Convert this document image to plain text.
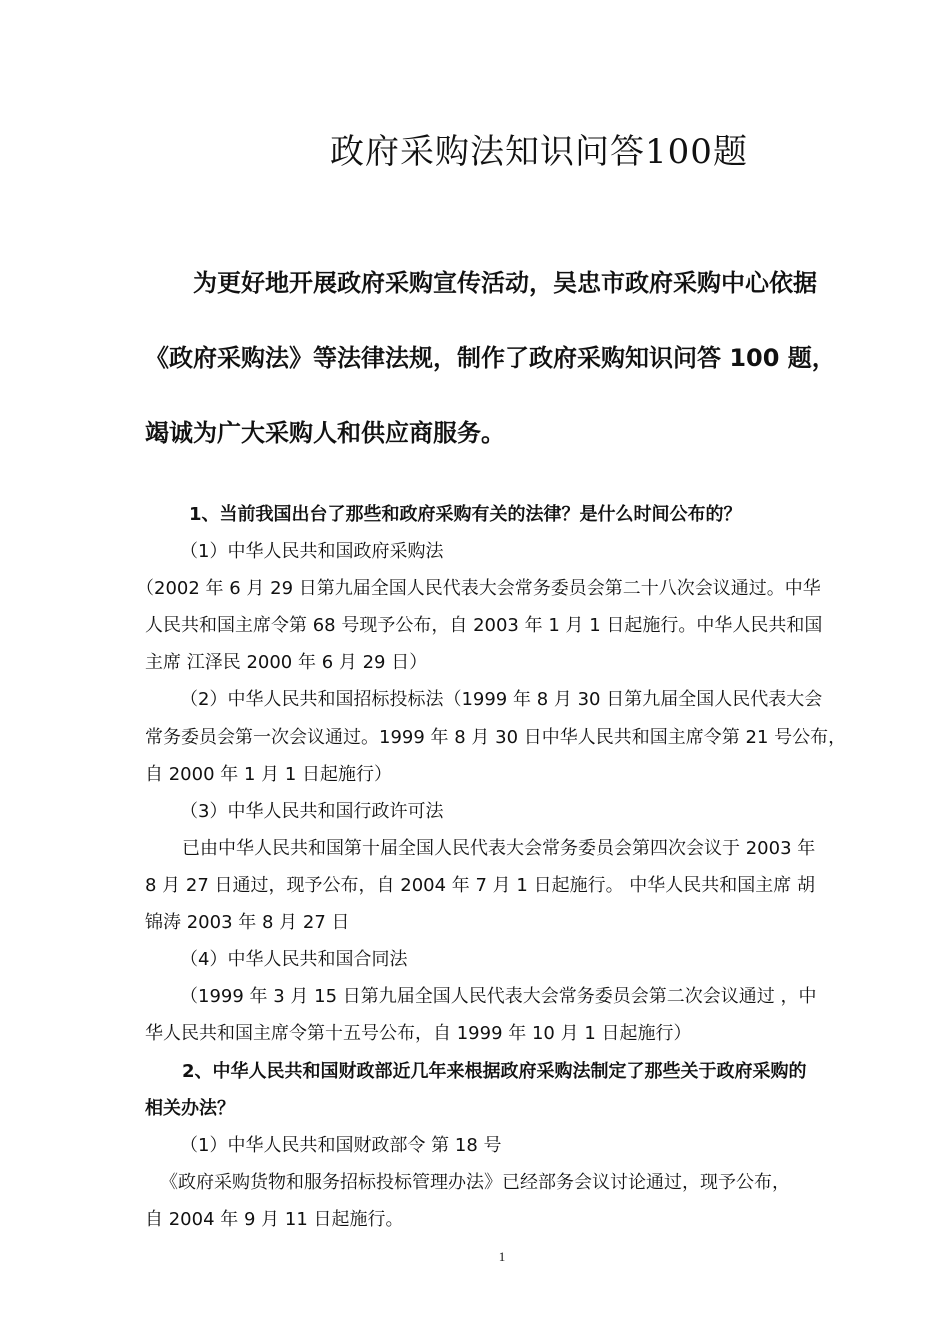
政府采购法知识问答100题
为更好地开展政府采购宣传活动，吴忠市政府采购中心依据
《政府采购法》等法律法规，制作了政府采购知识问答 100 题，
竭诚为广大采购人和供应商服务。
1、当前我国出台了那些和政府采购有关的法律？是什么时间公布的？
（1）中华人民共和国政府采购法
（2002 年 6 月 29 日第九届全国人民代表大会常务委员会第二十八次会议通过。中华
人民共和国主席令第 68 号现予公布，自 2003 年 1 月 1 日起施行。中华人民共和国
主席 江泽民 2000 年 6 月 29 日）
（2）中华人民共和国招标投标法（1999 年 8 月 30 日第九届全国人民代表大会
常务委员会第一次会议通过。1999 年 8 月 30 日中华人民共和国主席令第 21 号公布，
自 2000 年 1 月 1 日起施行）
（3）中华人民共和国行政许可法
已由中华人民共和国第十届全国人民代表大会常务委员会第四次会议于 2003 年
8 月 27 日通过，现予公布，自 2004 年 7 月 1 日起施行。 中华人民共和国主席 胡
锦涛 2003 年 8 月 27 日
（4）中华人民共和国合同法
（1999 年 3 月 15 日第九届全国人民代表大会常务委员会第二次会议通过 ，中
华人民共和国主席令第十五号公布，自 1999 年 10 月 1 日起施行）
2、中华人民共和国财政部近几年来根据政府采购法制定了那些关于政府采购的
相关办法？
（1）中华人民共和国财政部令 第 18 号
《政府采购货物和服务招标投标管理办法》已经部务会议讨论通过，现予公布，
自 2004 年 9 月 11 日起施行。
1
